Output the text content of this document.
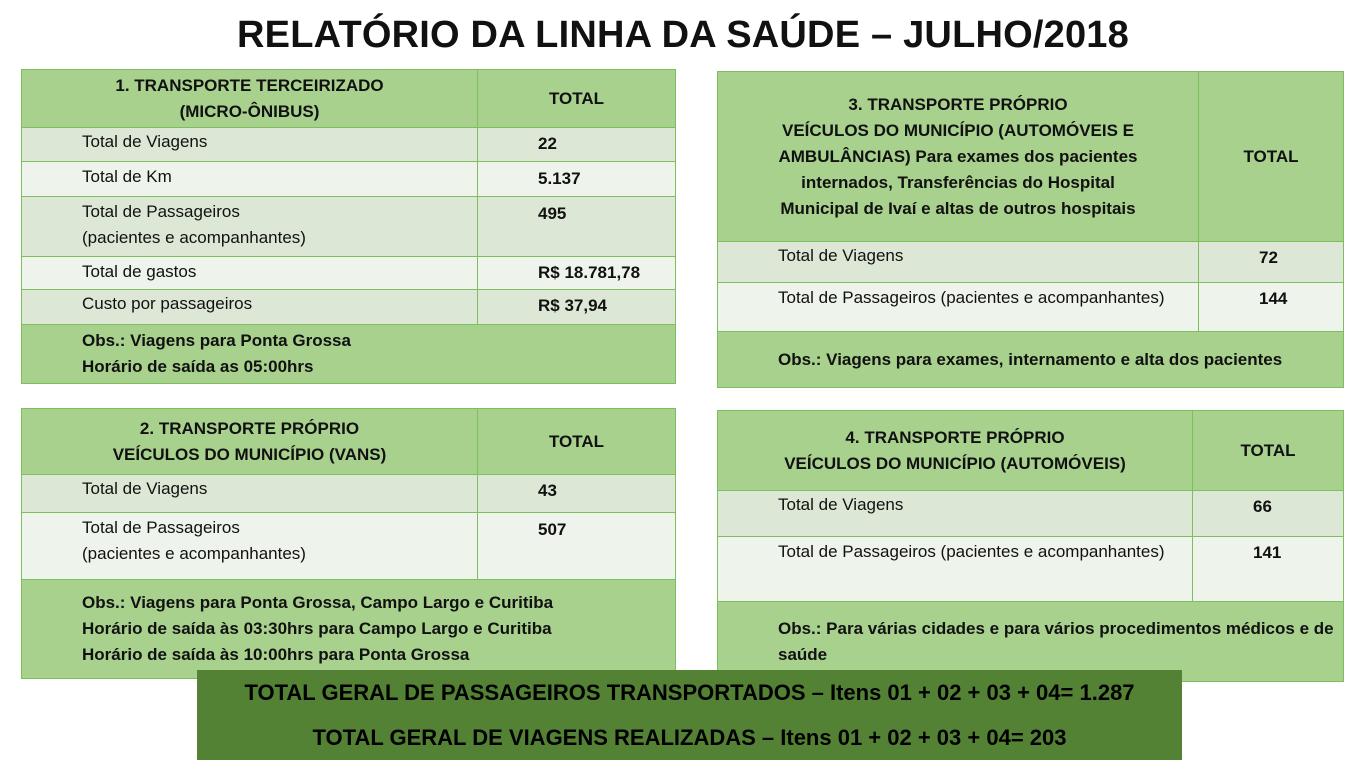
RELATÓRIO DA LINHA DA SAÚDE – JULHO/2018
1. TRANSPORTE TERCEIRIZADO
(MICRO-ÔNIBUS)	TOTAL
Total de Viagens	22
Total de Km	5.137

Total de Passageiros
(pacientes e acompanhantes)	495
Total de gastos	R$ 18.781,78
Custo por passageiros	R$ 37,94

Obs.: Viagens para Ponta Grossa
Horário de saída as 05:00hrs	
2. TRANSPORTE PRÓPRIO
VEÍCULOS DO MUNICÍPIO (VANS)	TOTAL
Total de Viagens	43

Total de Passageiros
(pacientes e acompanhantes)	507

Obs.: Viagens para Ponta Grossa, Campo Largo e Curitiba
Horário de saída às 03:30hrs para Campo Largo e Curitiba
Horário de saída às 10:00hrs para Ponta Grossa	
3. TRANSPORTE PRÓPRIO
VEÍCULOS DO MUNICÍPIO (AUTOMÓVEIS E
AMBULÂNCIAS) Para exames dos pacientes
internados, Transferências do Hospital
Municipal de Ivaí e altas de outros hospitais	TOTAL
Total de Viagens	72
Total de Passageiros (pacientes e acompanhantes)	144

Obs.: Viagens para exames, internamento e alta dos pacientes	
4. TRANSPORTE PRÓPRIO
VEÍCULOS DO MUNICÍPIO (AUTOMÓVEIS)	TOTAL
Total de Viagens	66
Total de Passageiros (pacientes e acompanhantes)	141

Obs.: Para várias cidades e para vários procedimentos médicos e de
saúde	
TOTAL GERAL DE PASSAGEIROS TRANSPORTADOS – Itens 01 + 02 + 03 + 04= 1.287
TOTAL GERAL DE VIAGENS REALIZADAS – Itens 01 + 02 + 03 + 04= 203
